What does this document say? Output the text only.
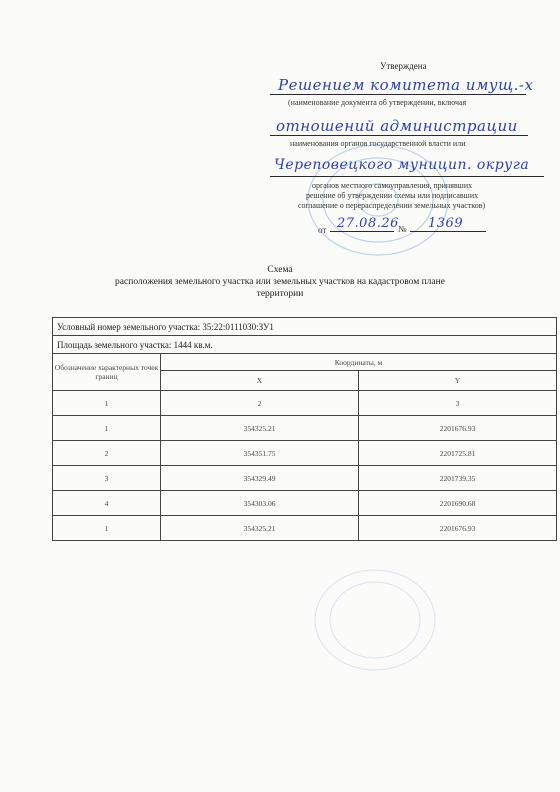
Утверждена
Решением комитета имущ.-х
(наименование документа об утверждении, включая
отношений администрации
наименования органов государственной власти или
Череповецкого муницип. округа
органов местного самоуправления, принявших
решение об утверждении схемы или подписавших
соглашение о перераспределении земельных участков)
от 27.08.26 № 1369
Схема
расположения земельного участка или земельных участков на кадастровом плане
территории
Условный номер земельного участка: 35:22:0111030:ЗУ1		
Площадь земельного участка: 1444 кв.м.		
Обозначение характерных точек границ	Координаты, м	
	X	Y
1	2	3
1	354325.21	2201676.93
2	354351.75	2201725.81
3	354329.49	2201739.35
4	354303.06	2201690.68
1	354325.21	2201676.93
